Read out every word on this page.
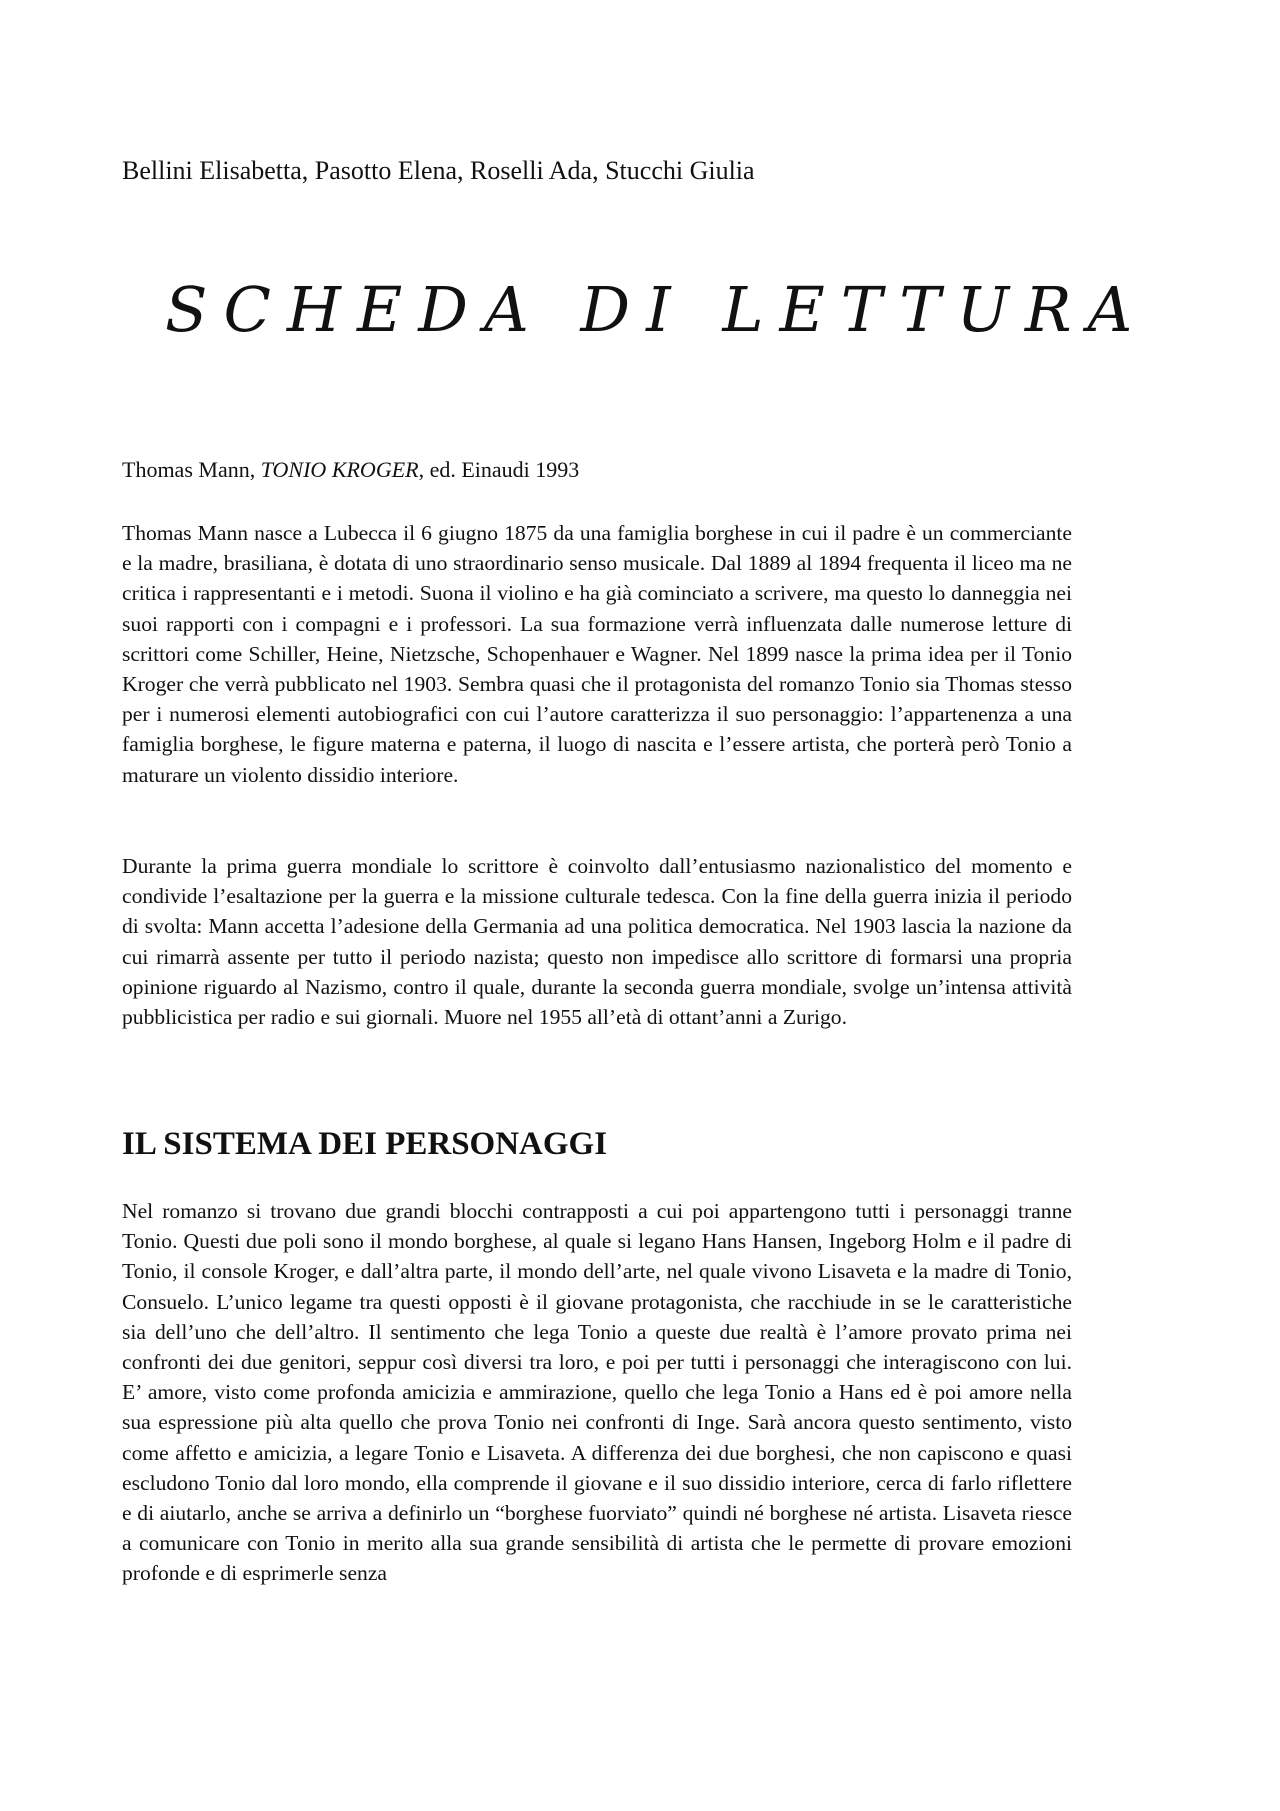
Bellini Elisabetta, Pasotto Elena, Roselli Ada, Stucchi Giulia
SCHEDA DI LETTURA
Thomas Mann, TONIO KROGER, ed. Einaudi 1993

Thomas Mann nasce a Lubecca il 6 giugno 1875 da una famiglia borghese in cui il padre è un commerciante e la madre, brasiliana, è dotata di uno straordinario senso musicale. Dal 1889 al 1894 frequenta il liceo ma ne critica i rappresentanti e i metodi. Suona il violino e ha già cominciato a scrivere, ma questo lo danneggia nei suoi rapporti con i compagni e i professori. La sua formazione verrà influenzata dalle numerose letture di scrittori come Schiller, Heine, Nietzsche, Schopenhauer e Wagner. Nel 1899 nasce la prima idea per il Tonio Kroger che verrà pubblicato nel 1903. Sembra quasi che il protagonista del romanzo Tonio sia Thomas stesso per i numerosi elementi autobiografici con cui l’autore caratterizza il suo personaggio: l’appartenenza a una famiglia borghese, le figure materna e paterna, il luogo di nascita e l’essere artista, che porterà però Tonio a maturare un violento dissidio interiore.

Durante la prima guerra mondiale lo scrittore è coinvolto dall’entusiasmo nazionalistico del momento e condivide l’esaltazione per la guerra e la missione culturale tedesca. Con la fine della guerra inizia il periodo di svolta: Mann accetta l’adesione della Germania ad una politica democratica. Nel 1903 lascia la nazione da cui rimarrà assente per tutto il periodo nazista; questo non impedisce allo scrittore di formarsi una propria opinione riguardo al Nazismo, contro il quale, durante la seconda guerra mondiale, svolge un’intensa attività pubblicistica per radio e sui giornali. Muore nel 1955 all’età di ottant’anni a Zurigo.

IL SISTEMA DEI PERSONAGGI

Nel romanzo si trovano due grandi blocchi contrapposti a cui poi appartengono tutti i personaggi tranne Tonio. Questi due poli sono il mondo borghese, al quale si legano Hans Hansen, Ingeborg Holm e il padre di Tonio, il console Kroger, e dall’altra parte, il mondo dell’arte, nel quale vivono Lisaveta e la madre di Tonio, Consuelo. L’unico legame tra questi opposti è il giovane protagonista, che racchiude in se le caratteristiche sia dell’uno che dell’altro. Il sentimento che lega Tonio a queste due realtà è l’amore provato prima nei confronti dei due genitori, seppur così diversi tra loro, e poi per tutti i personaggi che interagiscono con lui. E’ amore, visto come profonda amicizia e ammirazione, quello che lega Tonio a Hans ed è poi amore nella sua espressione più alta quello che prova Tonio nei confronti di Inge. Sarà ancora questo sentimento, visto come affetto e amicizia, a legare Tonio e Lisaveta. A differenza dei due borghesi, che non capiscono e quasi escludono Tonio dal loro mondo, ella comprende il giovane e il suo dissidio interiore, cerca di farlo riflettere e di aiutarlo, anche se arriva a definirlo un “borghese fuorviato” quindi né borghese né artista. Lisaveta riesce a comunicare con Tonio in merito alla sua grande sensibilità di artista che le permette di provare emozioni profonde e di esprimerle senza
